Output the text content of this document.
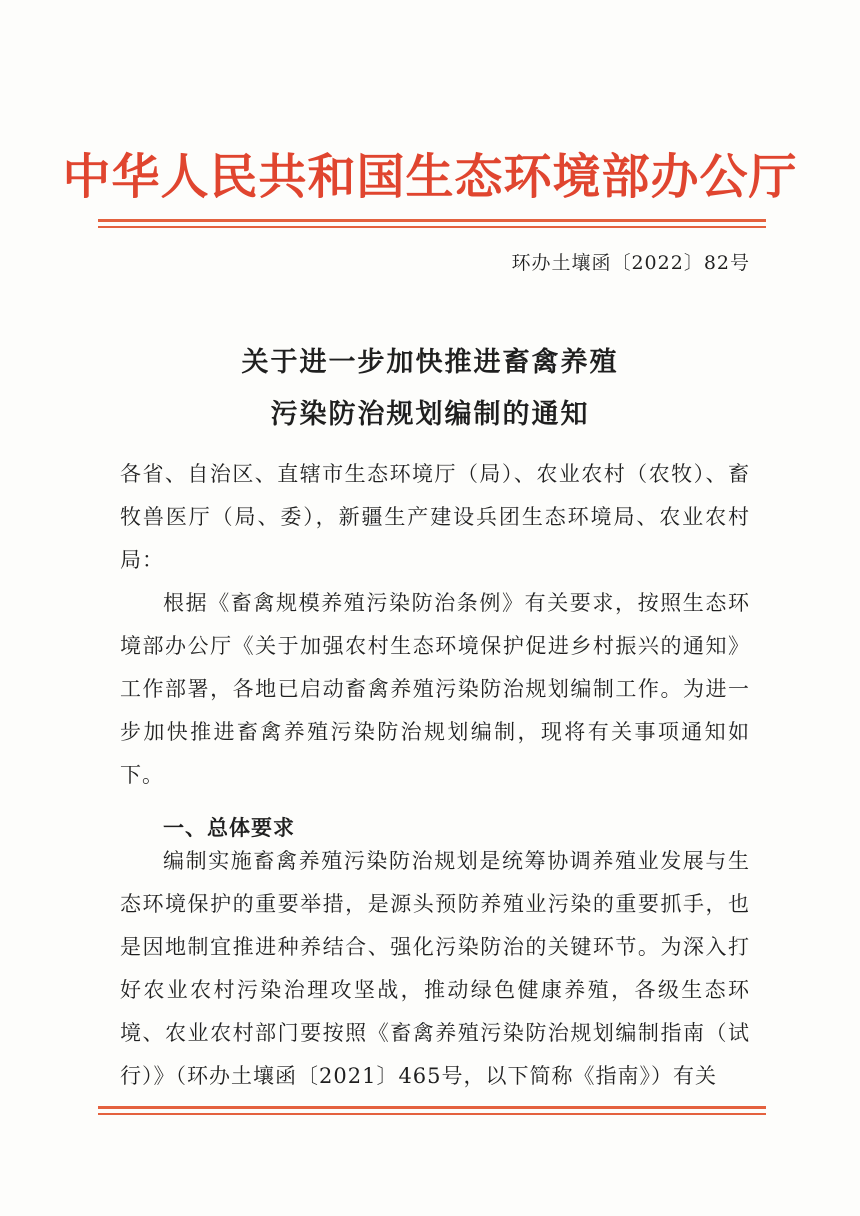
中华人民共和国生态环境部办公厅
环办土壤函〔2022〕82号
关于进一步加快推进畜禽养殖
污染防治规划编制的通知
各省、自治区、直辖市生态环境厅（局）、农业农村（农牧）、畜牧兽医厅（局、委），新疆生产建设兵团生态环境局、农业农村局：
根据《畜禽规模养殖污染防治条例》有关要求，按照生态环境部办公厅《关于加强农村生态环境保护促进乡村振兴的通知》工作部署，各地已启动畜禽养殖污染防治规划编制工作。为进一步加快推进畜禽养殖污染防治规划编制，现将有关事项通知如下。
一、总体要求
编制实施畜禽养殖污染防治规划是统筹协调养殖业发展与生态环境保护的重要举措，是源头预防养殖业污染的重要抓手，也是因地制宜推进种养结合、强化污染防治的关键环节。为深入打好农业农村污染治理攻坚战，推动绿色健康养殖，各级生态环境、农业农村部门要按照《畜禽养殖污染防治规划编制指南（试行）》（环办土壤函〔2021〕465号，以下简称《指南》）有关
